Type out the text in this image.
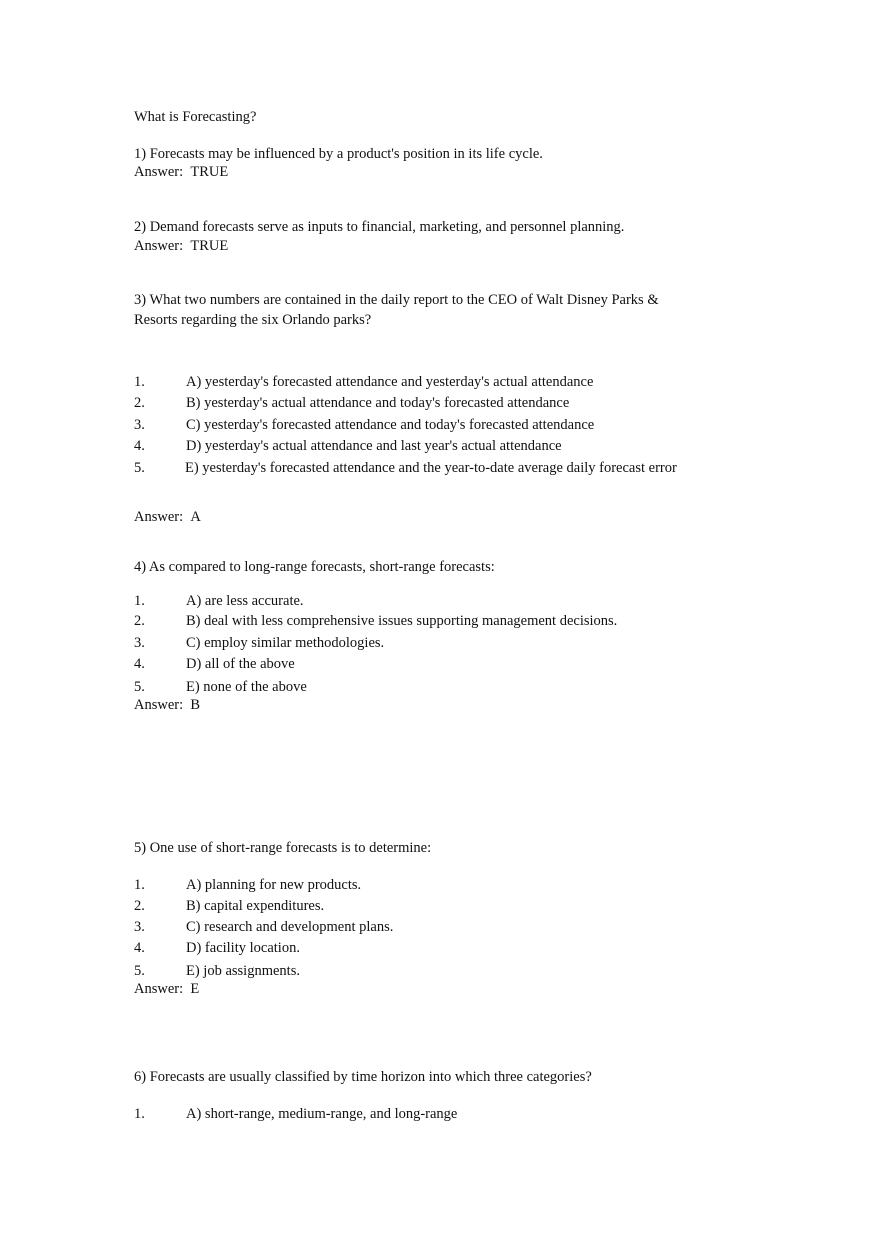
What is Forecasting?
1) Forecasts may be influenced by a product's position in its life cycle.
Answer: TRUE
2) Demand forecasts serve as inputs to financial, marketing, and personnel planning.
Answer: TRUE
3) What two numbers are contained in the daily report to the CEO of Walt Disney Parks & Resorts regarding the six Orlando parks?
1.	A) yesterday's forecasted attendance and yesterday's actual attendance
2.	B) yesterday's actual attendance and today's forecasted attendance
3.	C) yesterday's forecasted attendance and today's forecasted attendance
4.	D) yesterday's actual attendance and last year's actual attendance
5.	E) yesterday's forecasted attendance and the year-to-date average daily forecast error
Answer: A
4) As compared to long-range forecasts, short-range forecasts:
1.	A) are less accurate.
2.	B) deal with less comprehensive issues supporting management decisions.
3.	C) employ similar methodologies.
4.	D) all of the above
5.	E) none of the above
Answer: B
5) One use of short-range forecasts is to determine:
1.	A) planning for new products.
2.	B) capital expenditures.
3.	C) research and development plans.
4.	D) facility location.
5.	E) job assignments.
Answer: E
6) Forecasts are usually classified by time horizon into which three categories?
1.	A) short-range, medium-range, and long-range
